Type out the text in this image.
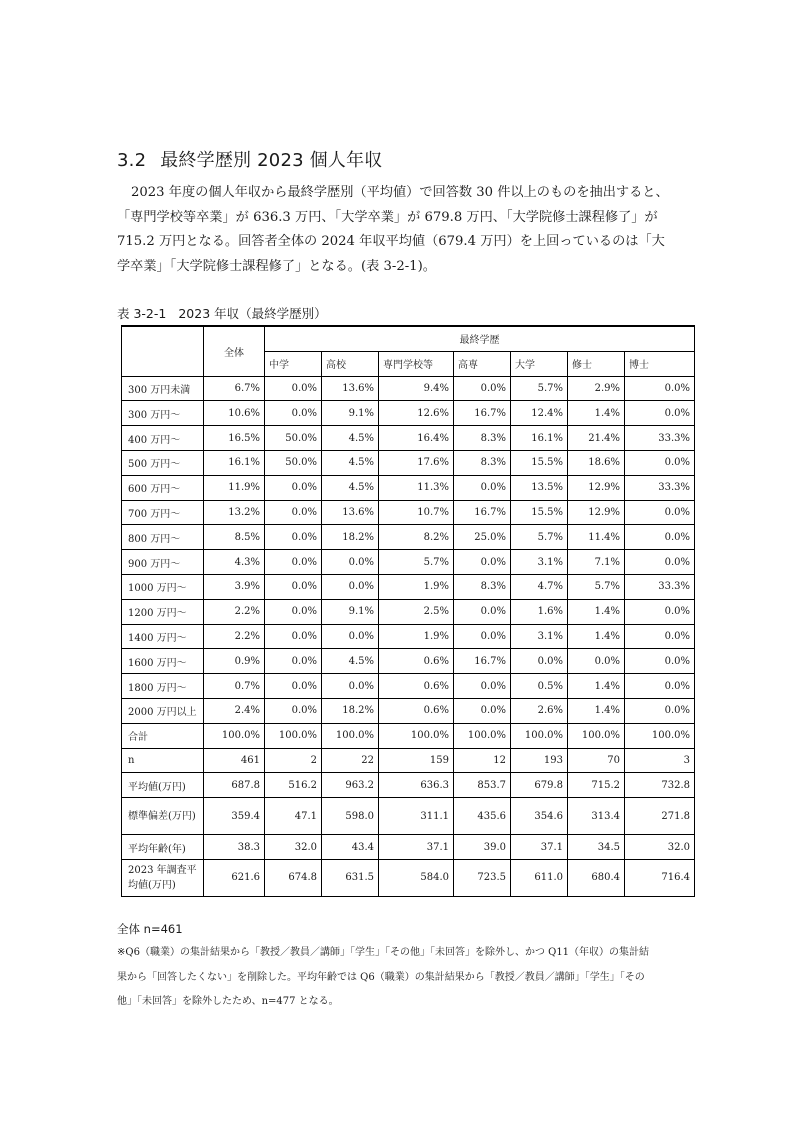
3.2 最終学歴別 2023 個人年収

2023 年度の個人年収から最終学歴別（平均値）で回答数 30 件以上のものを抽出すると、

「専門学校等卒業」が 636.3 万円、「大学卒業」が 679.8 万円、「大学院修士課程修了」が

715.2 万円となる。回答者全体の 2024 年収平均値（679.4 万円）を上回っているのは「大

学卒業」「大学院修士課程修了」となる。(表 3-2-1)。

表 3-2-1 2023 年収（最終学歴別）
	全体	最終学歴						
		中学	高校	専門学校等	高専	大学	修士	博士
300 万円未満	6.7%	0.0%	13.6%	9.4%	0.0%	5.7%	2.9%	0.0%
300 万円～	10.6%	0.0%	9.1%	12.6%	16.7%	12.4%	1.4%	0.0%
400 万円～	16.5%	50.0%	4.5%	16.4%	8.3%	16.1%	21.4%	33.3%
500 万円～	16.1%	50.0%	4.5%	17.6%	8.3%	15.5%	18.6%	0.0%
600 万円～	11.9%	0.0%	4.5%	11.3%	0.0%	13.5%	12.9%	33.3%
700 万円～	13.2%	0.0%	13.6%	10.7%	16.7%	15.5%	12.9%	0.0%
800 万円～	8.5%	0.0%	18.2%	8.2%	25.0%	5.7%	11.4%	0.0%
900 万円～	4.3%	0.0%	0.0%	5.7%	0.0%	3.1%	7.1%	0.0%
1000 万円～	3.9%	0.0%	0.0%	1.9%	8.3%	4.7%	5.7%	33.3%
1200 万円～	2.2%	0.0%	9.1%	2.5%	0.0%	1.6%	1.4%	0.0%
1400 万円～	2.2%	0.0%	0.0%	1.9%	0.0%	3.1%	1.4%	0.0%
1600 万円～	0.9%	0.0%	4.5%	0.6%	16.7%	0.0%	0.0%	0.0%
1800 万円～	0.7%	0.0%	0.0%	0.6%	0.0%	0.5%	1.4%	0.0%
2000 万円以上	2.4%	0.0%	18.2%	0.6%	0.0%	2.6%	1.4%	0.0%
合計	100.0%	100.0%	100.0%	100.0%	100.0%	100.0%	100.0%	100.0%
n	461	2	22	159	12	193	70	3
平均値(万円)	687.8	516.2	963.2	636.3	853.7	679.8	715.2	732.8
標準偏差(万円)	359.4	47.1	598.0	311.1	435.6	354.6	313.4	271.8
平均年齢(年)	38.3	32.0	43.4	37.1	39.0	37.1	34.5	32.0
2023 年調査平均値(万円)	621.6	674.8	631.5	584.0	723.5	611.0	680.4	716.4
全体 n=461

※Q6（職業）の集計結果から「教授／教員／講師」「学生」「その他」「未回答」を除外し、かつ Q11（年収）の集計結

果から「回答したくない」を削除した。平均年齢では Q6（職業）の集計結果から「教授／教員／講師」「学生」「その

他」「未回答」を除外したため、n=477 となる。
